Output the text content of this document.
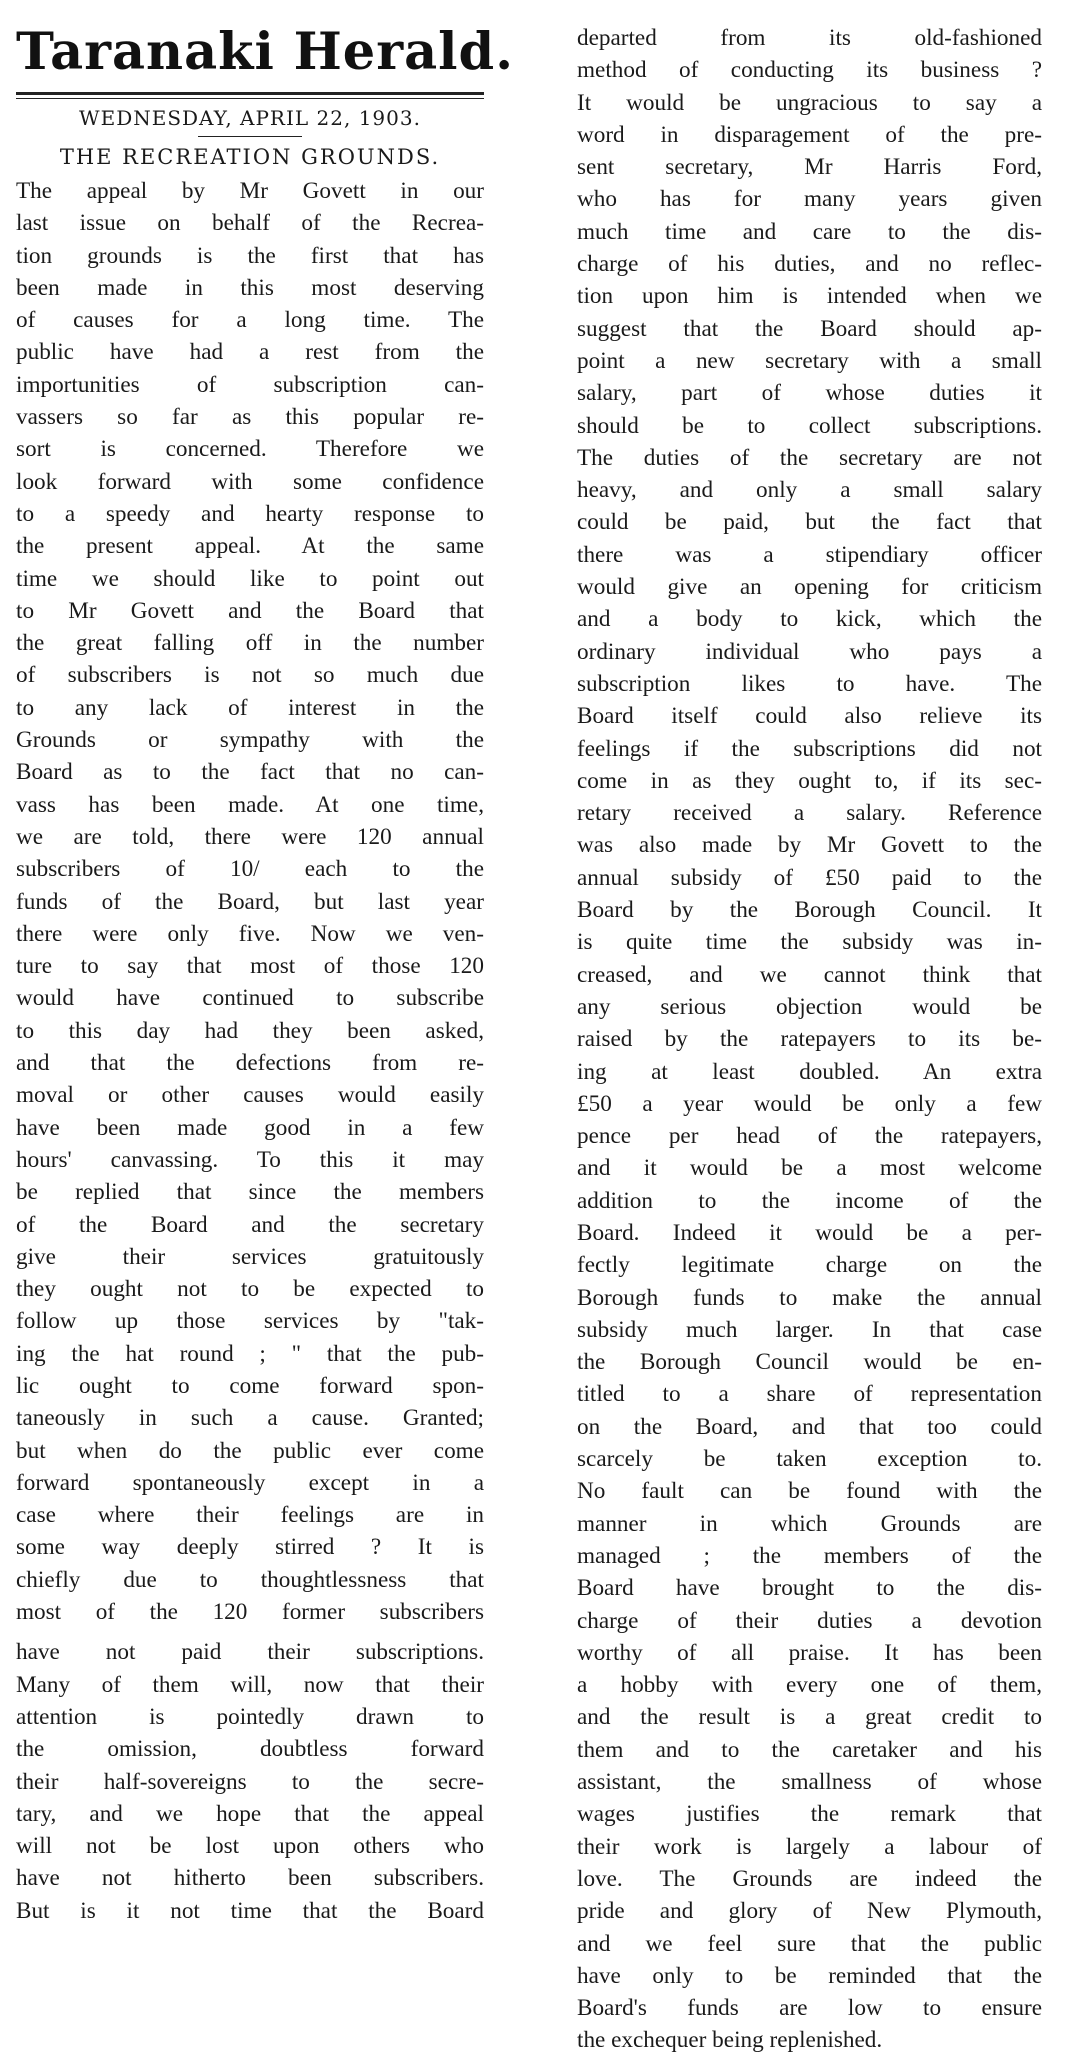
Taranaki Herald.
WEDNESDAY, APRIL 22, 1903.
THE RECREATION GROUNDS.
The appeal by Mr Govett in our
last issue on behalf of the Recrea-
tion grounds is the first that has
been made in this most deserving
of causes for a long time. The
public have had a rest from the
importunities of subscription can-
vassers so far as this popular re-
sort is concerned. Therefore we
look forward with some confidence
to a speedy and hearty response to
the present appeal. At the same
time we should like to point out
to Mr Govett and the Board that
the great falling off in the number
of subscribers is not so much due
to any lack of interest in the
Grounds or sympathy with the
Board as to the fact that no can-
vass has been made. At one time,
we are told, there were 120 annual
subscribers of 10/ each to the
funds of the Board, but last year
there were only five. Now we ven-
ture to say that most of those 120
would have continued to subscribe
to this day had they been asked,
and that the defections from re-
moval or other causes would easily
have been made good in a few
hours' canvassing. To this it may
be replied that since the members
of the Board and the secretary
give their services gratuitously
they ought not to be expected to
follow up those services by "tak-
ing the hat round ; " that the pub-
lic ought to come forward spon-
taneously in such a cause. Granted;
but when do the public ever come
forward spontaneously except in a
case where their feelings are in
some way deeply stirred ? It is
chiefly due to thoughtlessness that
most of the 120 former subscribers
have not paid their subscriptions.
Many of them will, now that their
attention is pointedly drawn to
the omission, doubtless forward
their half-sovereigns to the secre-
tary, and we hope that the appeal
will not be lost upon others who
have not hitherto been subscribers.
But is it not time that the Board
departed from its old-fashioned
method of conducting its business ?
It would be ungracious to say a
word in disparagement of the pre-
sent secretary, Mr Harris Ford,
who has for many years given
much time and care to the dis-
charge of his duties, and no reflec-
tion upon him is intended when we
suggest that the Board should ap-
point a new secretary with a small
salary, part of whose duties it
should be to collect subscriptions.
The duties of the secretary are not
heavy, and only a small salary
could be paid, but the fact that
there was a stipendiary officer
would give an opening for criticism
and a body to kick, which the
ordinary individual who pays a
subscription likes to have. The
Board itself could also relieve its
feelings if the subscriptions did not
come in as they ought to, if its sec-
retary received a salary. Reference
was also made by Mr Govett to the
annual subsidy of £50 paid to the
Board by the Borough Council. It
is quite time the subsidy was in-
creased, and we cannot think that
any serious objection would be
raised by the ratepayers to its be-
ing at least doubled. An extra
£50 a year would be only a few
pence per head of the ratepayers,
and it would be a most welcome
addition to the income of the
Board. Indeed it would be a per-
fectly legitimate charge on the
Borough funds to make the annual
subsidy much larger. In that case
the Borough Council would be en-
titled to a share of representation
on the Board, and that too could
scarcely be taken exception to.
No fault can be found with the
manner in which Grounds are
managed ; the members of the
Board have brought to the dis-
charge of their duties a devotion
worthy of all praise. It has been
a hobby with every one of them,
and the result is a great credit to
them and to the caretaker and his
assistant, the smallness of whose
wages justifies the remark that
their work is largely a labour of
love. The Grounds are indeed the
pride and glory of New Plymouth,
and we feel sure that the public
have only to be reminded that the
Board's funds are low to ensure
the exchequer being replenished.
